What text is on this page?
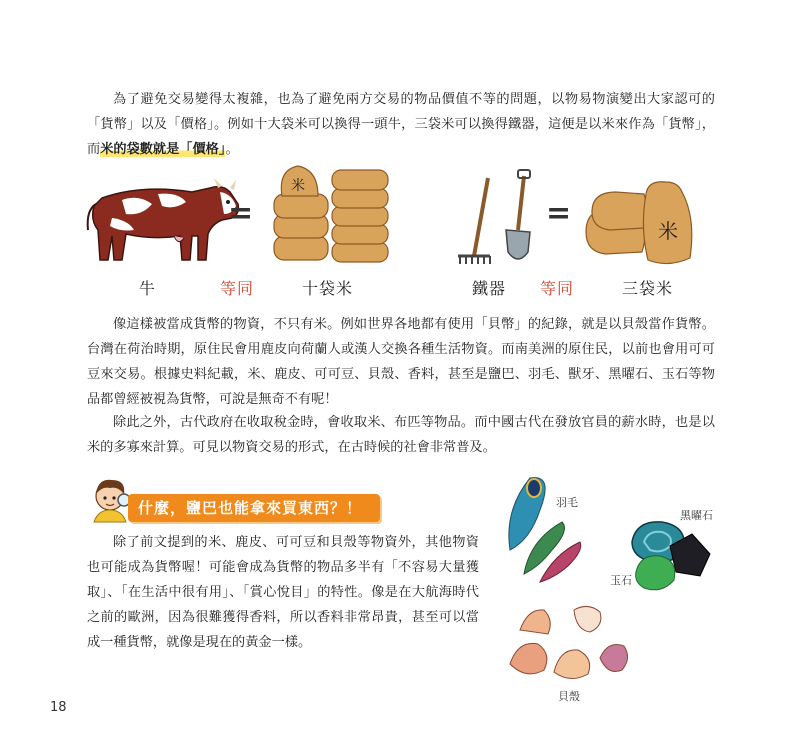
為了避免交易變得太複雜，也為了避免兩方交易的物品價值不等的問題，以物易物演變出大家認可的「貨幣」以及「價格」。例如十大袋米可以換得一頭牛，三袋米可以換得鐵器，這便是以米來作為「貨幣」，而米的袋數就是「價格」。

=
米
=	米
牛	等同	十袋米	鐵器 等同	三袋米

像這樣被當成貨幣的物資，不只有米。例如世界各地都有使用「貝幣」的紀錄，就是以貝殼當作貨幣。台灣在荷治時期，原住民會用鹿皮向荷蘭人或漢人交換各種生活物資。而南美洲的原住民，以前也會用可可豆來交易。根據史料紀載，米、鹿皮、可可豆、貝殼、香料，甚至是鹽巴、羽毛、獸牙、黑曜石、玉石等物品都曾經被視為貨幣，可說是無奇不有呢！

除此之外，古代政府在收取稅金時，會收取米、布匹等物品。而中國古代在發放官員的薪水時，也是以米的多寡來計算。可見以物資交易的形式，在古時候的社會非常普及。

什麼，鹽巴也能拿來買東西？！

除了前文提到的米、鹿皮、可可豆和貝殼等物資外，其他物資也可能成為貨幣喔！可能會成為貨幣的物品多半有「不容易大量獲取」、「在生活中很有用」、「賞心悅目」的特性。像是在大航海時代之前的歐洲，因為很難獲得香料，所以香料非常昂貴，甚至可以當成一種貨幣，就像是現在的黃金一樣。

羽毛
黑曜石
玉石
貝殼
18
